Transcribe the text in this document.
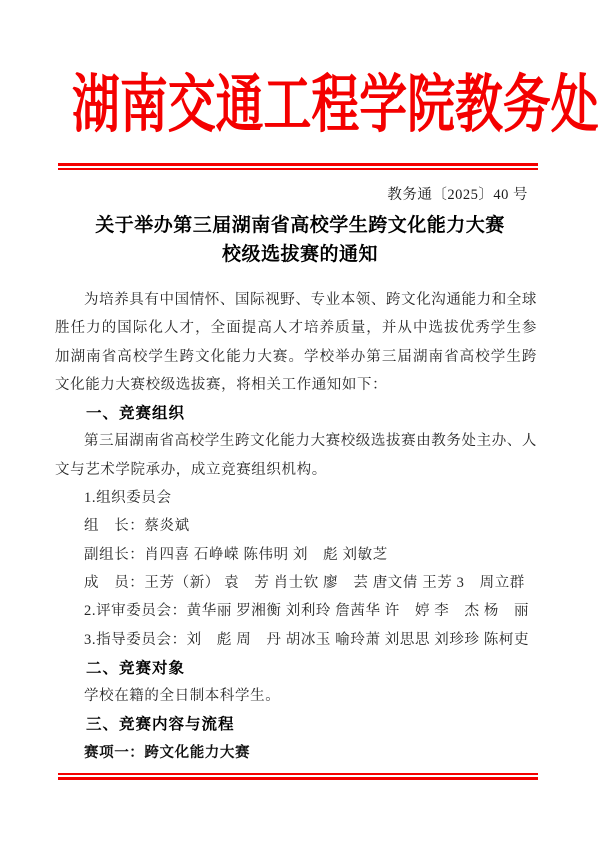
湖南交通工程学院教务处
教务通〔2025〕40 号
关于举办第三届湖南省高校学生跨文化能力大赛
校级选拔赛的通知

为培养具有中国情怀、国际视野、专业本领、跨文化沟通能力和全球胜任力的国际化人才，全面提高人才培养质量，并从中选拔优秀学生参加湖南省高校学生跨文化能力大赛。学校举办第三届湖南省高校学生跨文化能力大赛校级选拔赛，将相关工作通知如下：

一、竞赛组织

第三届湖南省高校学生跨文化能力大赛校级选拔赛由教务处主办、人文与艺术学院承办，成立竞赛组织机构。

1.组织委员会

组　长：蔡炎斌

副组长：肖四喜 石峥嵘 陈伟明 刘　彪 刘敏芝

成　员：王芳（新） 袁　芳 肖士钦 廖　芸 唐文倩 王芳 3　周立群

2.评审委员会：黄华丽 罗湘衡 刘利玲 詹茜华 许　婷 李　杰 杨　丽

3.指导委员会：刘　彪 周　丹 胡冰玉 喻玲萧 刘思思 刘珍珍 陈柯吏

二、竞赛对象

学校在籍的全日制本科学生。

三、竞赛内容与流程

赛项一：跨文化能力大赛
